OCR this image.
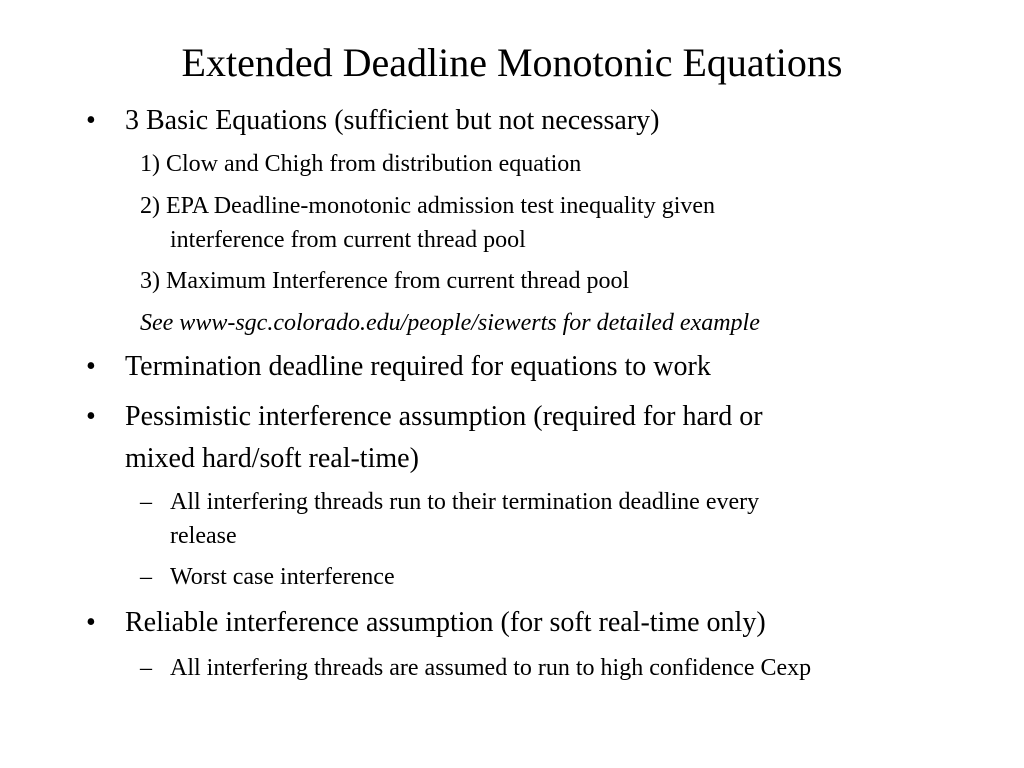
Extended Deadline Monotonic Equations
• 3 Basic Equations (sufficient but not necessary)
1) Clow and Chigh from distribution equation
2) EPA Deadline-monotonic admission test inequality given
interference from current thread pool
3) Maximum Interference from current thread pool
See www-sgc.colorado.edu/people/siewerts for detailed example
• Termination deadline required for equations to work
• Pessimistic interference assumption (required for hard or
mixed hard/soft real-time)
– All interfering threads run to their termination deadline every
release
– Worst case interference
• Reliable interference assumption (for soft real-time only)
– All interfering threads are assumed to run to high confidence Cexp
